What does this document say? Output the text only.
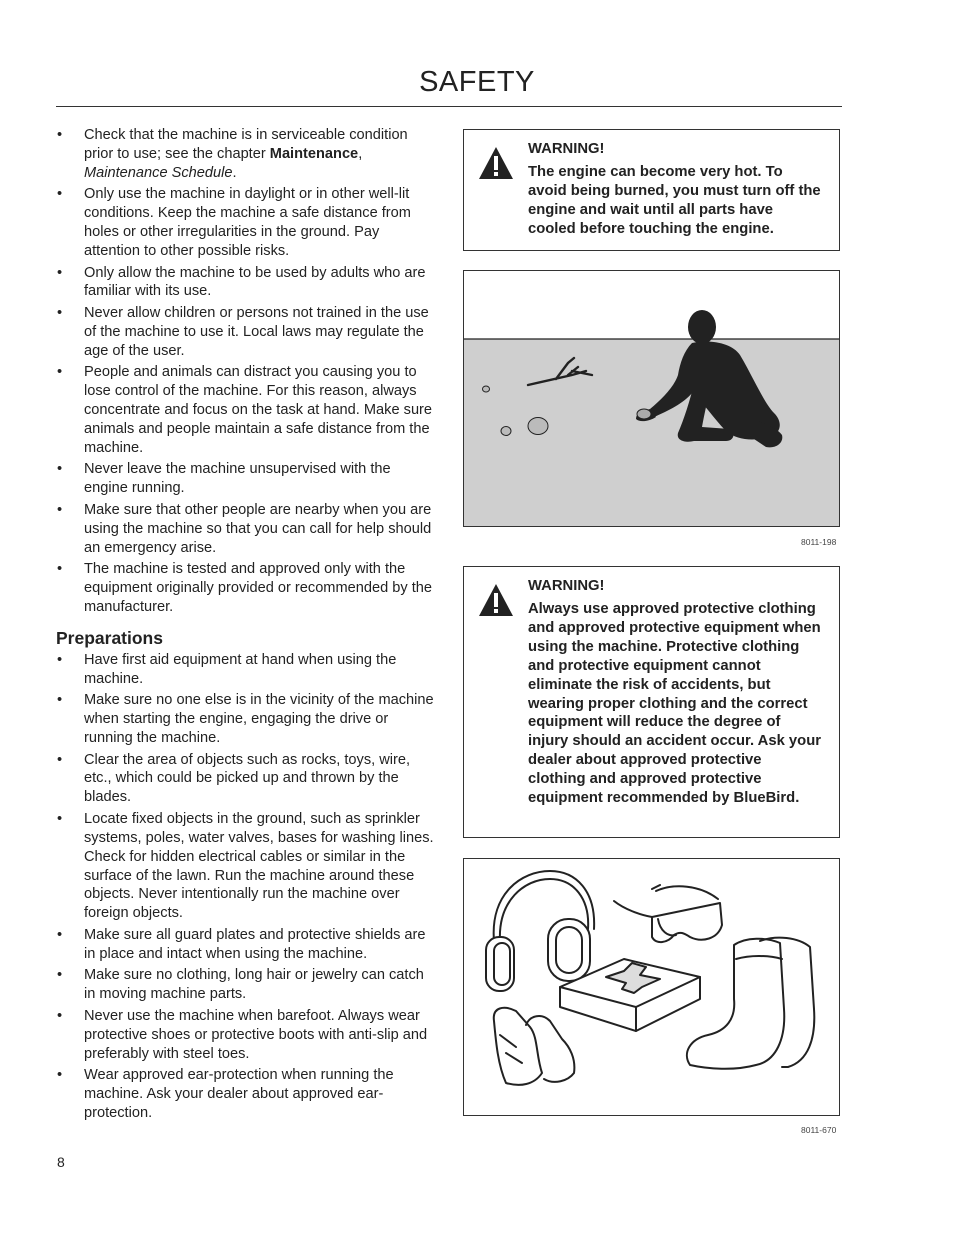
SAFETY
• Check that the machine is in serviceable condition prior to use; see the chapter Maintenance, Maintenance Schedule.
• Only use the machine in daylight or in other well-lit conditions. Keep the machine a safe distance from holes or other irregularities in the ground. Pay attention to other possible risks.
• Only allow the machine to be used by adults who are familiar with its use.
• Never allow children or persons not trained in the use of the machine to use it. Local laws may regulate the age of the user.
• People and animals can distract you causing you to lose control of the machine. For this reason, always concentrate and focus on the task at hand. Make sure animals and people maintain a safe distance from the machine.
• Never leave the machine unsupervised with the engine running.
• Make sure that other people are nearby when you are using the machine so that you can call for help should an emergency arise.
• The machine is tested and approved only with the equipment originally provided or recommended by the manufacturer.
Preparations
• Have first aid equipment at hand when using the machine.
• Make sure no one else is in the vicinity of the machine when starting the engine, engaging the drive or running the machine.
• Clear the area of objects such as rocks, toys, wire, etc., which could be picked up and thrown by the blades.
• Locate fixed objects in the ground, such as sprinkler systems, poles, water valves, bases for washing lines. Check for hidden electrical cables or similar in the surface of the lawn. Run the machine around these objects. Never intentionally run the machine over foreign objects.
• Make sure all guard plates and protective shields are in place and intact when using the machine.
• Make sure no clothing, long hair or jewelry can catch in moving machine parts.
• Never use the machine when barefoot. Always wear protective shoes or protective boots with anti-slip and preferably with steel toes.
• Wear approved ear-protection when running the machine. Ask your dealer about approved ear-protection.
WARNING!
The engine can become very hot. To avoid being burned, you must turn off the engine and wait until all parts have cooled before touching the engine.
8011-198
WARNING!
Always use approved protective clothing and approved protective equipment when using the machine. Protective clothing and protective equipment cannot eliminate the risk of accidents, but wearing proper clothing and the correct equipment will reduce the degree of injury should an accident occur. Ask your dealer about approved protective clothing and approved protective equipment recommended by BlueBird.
8011-670
8
